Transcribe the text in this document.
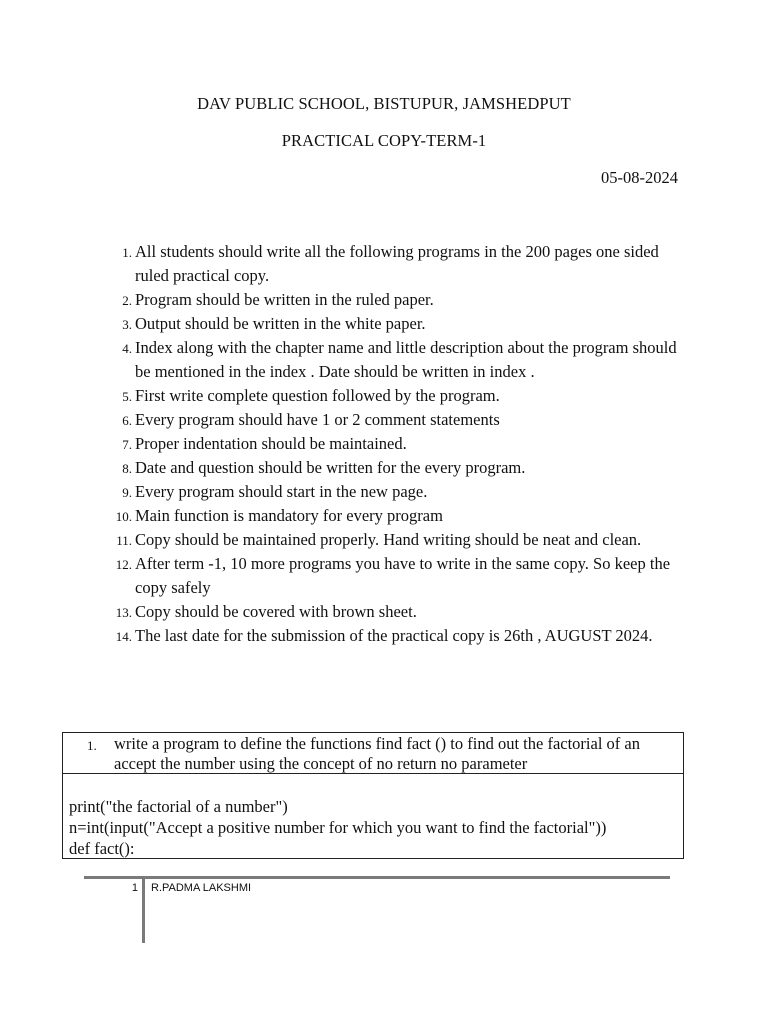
DAV PUBLIC SCHOOL, BISTUPUR, JAMSHEDPUT
PRACTICAL COPY-TERM-1
05-08-2024
1. All students should write all the following programs in the 200 pages one sided ruled practical copy.
2. Program should be written in the ruled paper.
3. Output should be written in the white paper.
4. Index along with the chapter name and little description about the program should be mentioned in the index . Date should be written in index .
5. First write complete question followed by the program.
6. Every program should have 1 or 2 comment statements
7. Proper indentation should be maintained.
8. Date and question should be written for the every program.
9. Every program should start in the new page.
10. Main function is mandatory for every program
11. Copy should be maintained properly. Hand writing should be neat and clean.
12. After term -1, 10 more programs you have to write in the same copy. So keep the copy safely
13. Copy should be covered with brown sheet.
14. The last date for the submission of the practical copy is 26th , AUGUST 2024.
1. write a program to define the functions find fact () to find out the factorial of an accept the number using the concept of no return no parameter
print("the factorial of a number")
n=int(input("Accept a positive number for which you want to find the factorial"))
def fact():
1 R.PADMA LAKSHMI
